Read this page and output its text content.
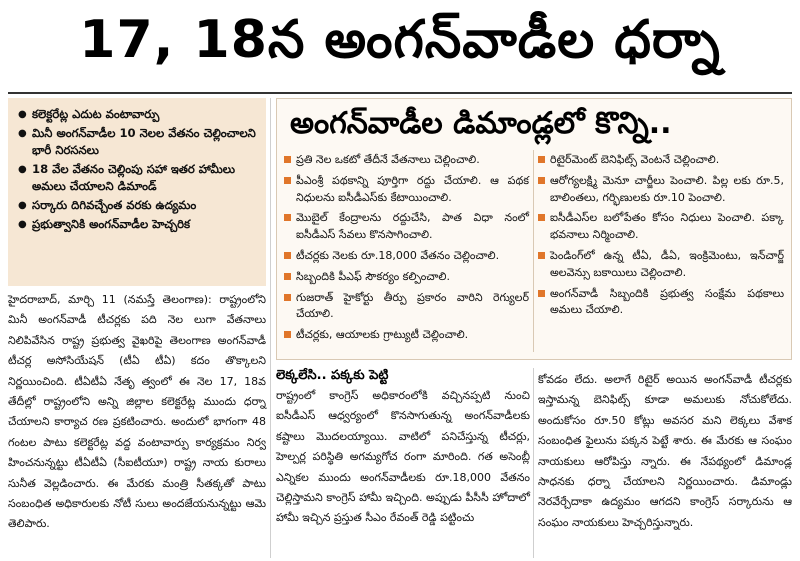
17, 18న అంగన్‌వాడీల ధర్నా
● కలెక్టరేట్ల ఎదుట వంటావార్పు
● మినీ అంగన్‌వాడీల 10 నెలల వేతనం చెల్లించాలని భారీ నిరసనలు
● 18 వేల వేతనం చెల్లింపు సహా ఇతర హామీలు అమలు చేయాలని డిమాండ్
● సర్కారు దిగివచ్చేంత వరకు ఉద్యమం
● ప్రభుత్వానికి అంగన్‌వాడీల హెచ్చరిక

హైదరాబాద్, మార్చి 11 (నమస్తే తెలంగాణ): రాష్ట్రంలోని మినీ అంగన్‌వాడీ టీచర్లకు పది నెల లుగా వేతనాలు నిలిపివేసిన రాష్ట్ర ప్రభుత్వ వైఖరిపై తెలంగాణ అంగన్‌వాడీ టీచర్ల అసోసియేషన్ (టీఏ టీఏ) కదం తొక్కాలని నిర్ణయించింది. టీఏటీఏ నేతృ త్వంలో ఈ నెల 17, 18వ తేదీల్లో రాష్ట్రంలోని అన్ని జిల్లాల కలెక్టరేట్ల ముందు ధర్నా చేయాలని కార్యాచ రణ ప్రకటించారు. అందులో భాగంగా 48 గంటల పాటు కలెక్టరేట్ల వద్ద వంటావార్పు కార్యక్రమం నిర్వ హించనున్నట్టు టీఏటీఏ (సీఐటీయూ) రాష్ట్ర నాయ కురాలు సునీత వెల్లడించారు. ఈ మేరకు మంత్రి సీతక్కతో పాటు సంబంధిత అధికారులకు నోటీ సులు అందజేయనున్నట్టు ఆమె తెలిపారు.

అంగన్‌వాడీల డిమాండ్లలో కొన్ని..
ప్రతి నెల ఒకటో తేదీనే వేతనాలు చెల్లించాలి.
పీఎంశ్రీ పథకాన్ని పూర్తిగా రద్దు చేయాలి. ఆ పథక నిధులను ఐసీడీఎస్‌కు కేటాయించాలి.
మొబైల్ కేంద్రాలను రద్దుచేసి, పాత విధా నంలో ఐసీడీఎస్ సేవలు కొనసాగించాలి.
టీచర్లకు నెలకు రూ.18,000 వేతనం చెల్లించాలి.
సిబ్బందికి పీఎఫ్ సౌకర్యం కల్పించాలి.
గుజరాత్ హైకోర్టు తీర్పు ప్రకారం వారిని రెగ్యులర్ చేయాలి.
టీచర్లకు, ఆయాలకు గ్రాట్యుటీ చెల్లించాలి.
రిటైర్‌మెంట్ బెనిఫిట్స్ వెంటనే చెల్లించాలి.
ఆరోగ్యలక్ష్మి మెనూ చార్జీలు పెంచాలి. పిల్ల లకు రూ.5, బాలింతలు, గర్భిణులకు రూ.10 పెంచాలి.
ఐసీడీఎస్‌ల బలోపేతం కోసం నిధులు పెంచాలి. పక్కా భవనాలు నిర్మించాలి.
పెండింగ్‌లో ఉన్న టీఏ, డీఏ, ఇంక్రిమెంటు, ఇన్‌చార్జ్ అలవెన్సు బకాయిలు చెల్లించాలి.
అంగన్‌వాడీ సిబ్బందికి ప్రభుత్వ సంక్షేమ పథకాలు అమలు చేయాలి.
లెక్కలేసి.. పక్కకు పెట్టి

రాష్ట్రంలో కాంగ్రెస్ అధికారంలోకి వచ్చినప్పటి నుంచి ఐసీడీఎస్ ఆధ్వర్యంలో కొనసాగుతున్న అంగన్‌వాడీలకు కష్టాలు మొదలయ్యాయి. వాటిలో పనిచేస్తున్న టీచర్లు, హెల్పర్ల పరిస్థితి అగమ్యగోచ రంగా మారింది. గత అసెంబ్లీ ఎన్నికల ముందు అంగన్‌వాడీలకు రూ.18,000 వేతనం చెల్లిస్తామని కాంగ్రెస్ హామీ ఇచ్చింది. అప్పుడు పీసీసీ హోదాలో హామీ ఇచ్చిన ప్రస్తుత సీఎం రేవంత్ రెడ్డి పట్టించు

కోవడం లేదు. అలాగే రిటైర్ అయిన అంగన్‌వాడీ టీచర్లకు ఇస్తామన్న బెనిఫిట్స్ కూడా అమలుకు నోచుకోలేదు. అందుకోసం రూ.50 కోట్లు అవసర మని లెక్కలు వేశాక సంబంధిత ఫైలును పక్కన పెట్టే శారు. ఈ మేరకు ఆ సంఘం నాయకులు ఆరోపిస్తు న్నారు. ఈ నేపథ్యంలో డిమాండ్ల సాధనకు ధర్నా చేయాలని నిర్ణయించారు. డిమాండ్లు నెరవేర్చేదాకా ఉద్యమం ఆగదని కాంగ్రెస్ సర్కారును ఆ సంఘం నాయకులు హెచ్చరిస్తున్నారు.
